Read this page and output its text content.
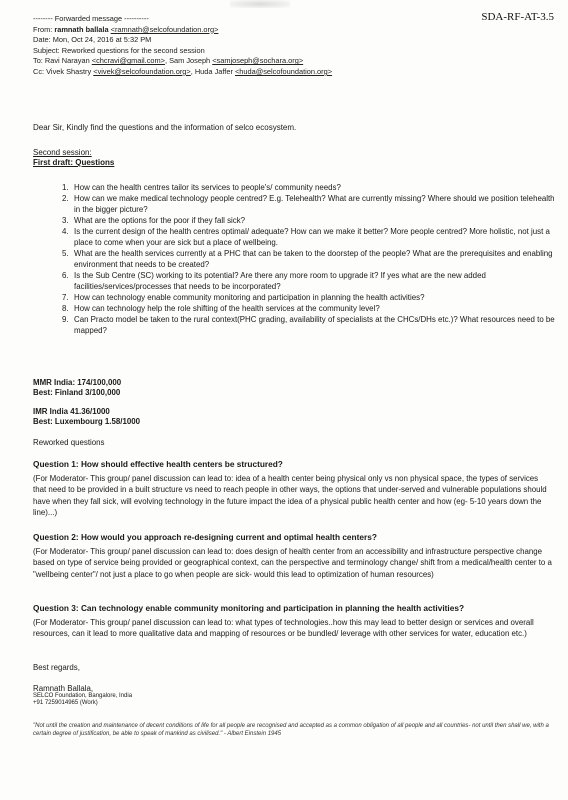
SDA-RF-AT-3.5
-------- Forwarded message ----------
From: ramnath ballala <ramnath@selcofoundation.org>
Date: Mon, Oct 24, 2016 at 5:32 PM
Subject: Reworked questions for the second session
To: Ravi Narayan <chcravi@gmail.com>, Sam Joseph <samjoseph@sochara.org>
Cc: Vivek Shastry <vivek@selcofoundation.org>, Huda Jaffer <huda@selcofoundation.org>
Dear Sir, Kindly find the questions and the information of selco ecosystem.
Second session:
First draft: Questions
1. How can the health centres tailor its services to people's/ community needs?
2. How can we make medical technology people centred? E.g. Telehealth? What are currently missing? Where should we position telehealth in the bigger picture?
3. What are the options for the poor if they fall sick?
4. Is the current design of the health centres optimal/ adequate? How can we make it better? More people centred? More holistic, not just a place to come when your are sick but a place of wellbeing.
5. What are the health services currently at a PHC that can be taken to the doorstep of the people? What are the prerequisites and enabling environment that needs to be created?
6. Is the Sub Centre (SC) working to its potential? Are there any more room to upgrade it? If yes what are the new added facilities/services/processes that needs to be incorporated?
7. How can technology enable community monitoring and participation in planning the health activities?
8. How can technology help the role shifting of the health services at the community level?
9. Can Practo model be taken to the rural context(PHC grading, availability of specialists at the CHCs/DHs etc.)? What resources need to be mapped?
MMR India: 174/100,000
Best: Finland 3/100,000
IMR India 41.36/1000
Best: Luxembourg 1.58/1000
Reworked questions
Question 1: How should effective health centers be structured?
(For Moderator- This group/ panel discussion can lead to: idea of a health center being physical only vs non physical space, the types of services that need to be provided in a built structure vs need to reach people in other ways, the options that under-served and vulnerable populations should have when they fall sick, will evolving technology in the future impact the idea of a physical public health center and how (eg- 5-10 years down the line)...)
Question 2: How would you approach re-designing current and optimal health centers?
(For Moderator- This group/ panel discussion can lead to: does design of health center from an accessibility and infrastructure perspective change based on type of service being provided or geographical context, can the perspective and terminology change/ shift from a medical/health center to a "wellbeing center"/ not just a place to go when people are sick- would this lead to optimization of human resources)
Question 3: Can technology enable community monitoring and participation in planning the health activities?
(For Moderator- This group/ panel discussion can lead to: what types of technologies..how this may lead to better design or services and overall resources, can it lead to more qualitative data and mapping of resources or be bundled/ leverage with other services for water, education etc.)
Best regards,
Ramnath Ballala,
SELCO Foundation, Bangalore, India
+91 7259014965 (Work)
"Not until the creation and maintenance of decent conditions of life for all people are recognised and accepted as a common obligation of all people and all countries- not until then shall we, with a certain degree of justification, be able to speak of mankind as civilised." - Albert Einstein 1945
